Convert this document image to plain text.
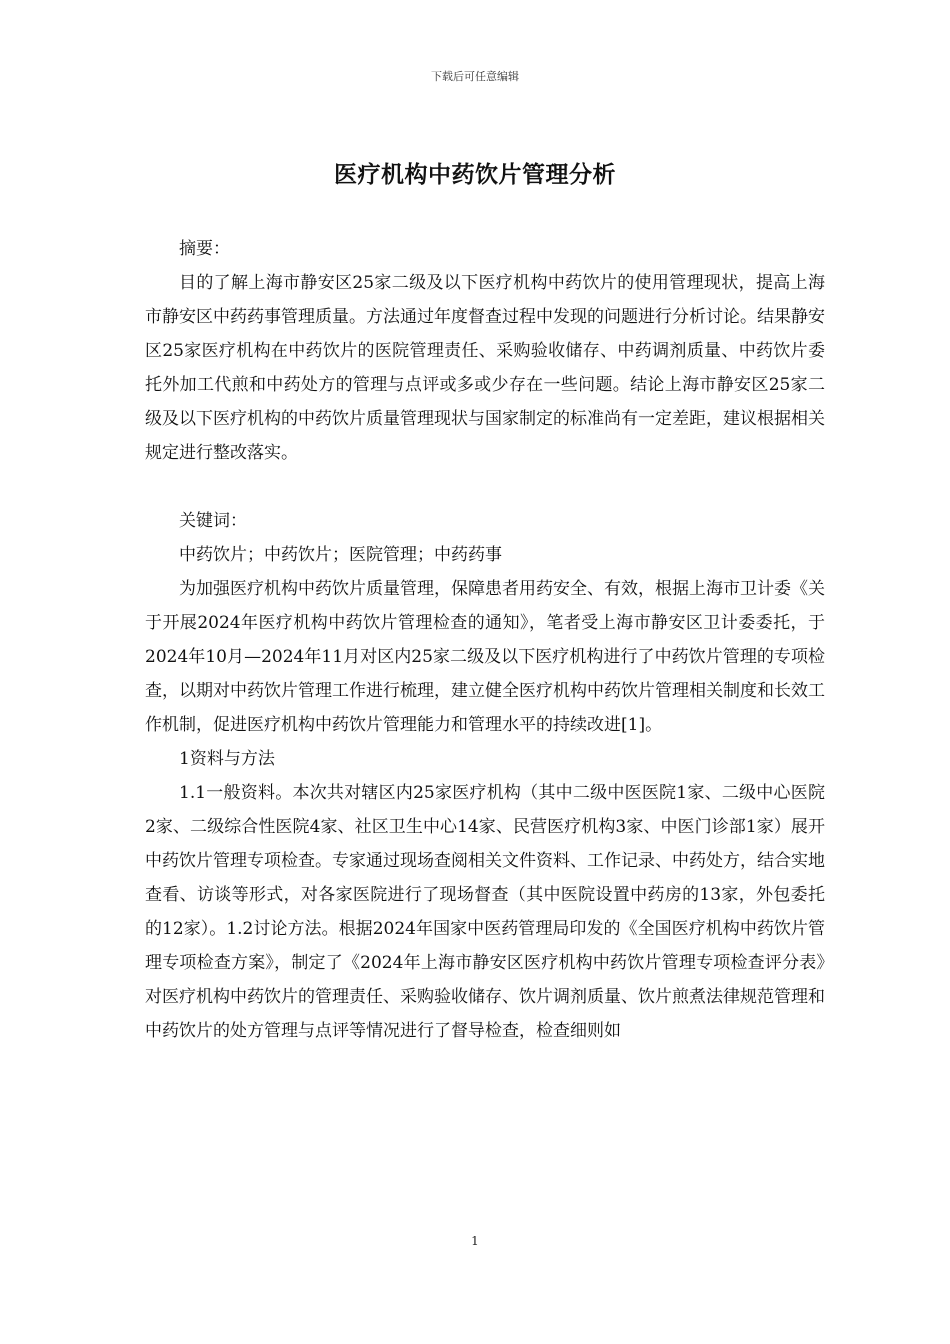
下载后可任意编辑
医疗机构中药饮片管理分析

摘要：

目的了解上海市静安区25家二级及以下医疗机构中药饮片的使用管理现状，提高上海市静安区中药药事管理质量。方法通过年度督查过程中发现的问题进行分析讨论。结果静安区25家医疗机构在中药饮片的医院管理责任、采购验收储存、中药调剂质量、中药饮片委托外加工代煎和中药处方的管理与点评或多或少存在一些问题。结论上海市静安区25家二级及以下医疗机构的中药饮片质量管理现状与国家制定的标准尚有一定差距，建议根据相关规定进行整改落实。

关键词：

中药饮片；中药饮片；医院管理；中药药事

为加强医疗机构中药饮片质量管理，保障患者用药安全、有效，根据上海市卫计委《关于开展2024年医疗机构中药饮片管理检查的通知》，笔者受上海市静安区卫计委委托，于2024年10月—2024年11月对区内25家二级及以下医疗机构进行了中药饮片管理的专项检查，以期对中药饮片管理工作进行梳理，建立健全医疗机构中药饮片管理相关制度和长效工作机制，促进医疗机构中药饮片管理能力和管理水平的持续改进[1]。

1资料与方法

1.1一般资料。本次共对辖区内25家医疗机构（其中二级中医医院1家、二级中心医院2家、二级综合性医院4家、社区卫生中心14家、民营医疗机构3家、中医门诊部1家）展开中药饮片管理专项检查。专家通过现场查阅相关文件资料、工作记录、中药处方，结合实地查看、访谈等形式，对各家医院进行了现场督查（其中医院设置中药房的13家，外包委托的12家）。1.2讨论方法。根据2024年国家中医药管理局印发的《全国医疗机构中药饮片管理专项检查方案》，制定了《2024年上海市静安区医疗机构中药饮片管理专项检查评分表》对医疗机构中药饮片的管理责任、采购验收储存、饮片调剂质量、饮片煎煮法律规范管理和中药饮片的处方管理与点评等情况进行了督导检查，检查细则如

1
